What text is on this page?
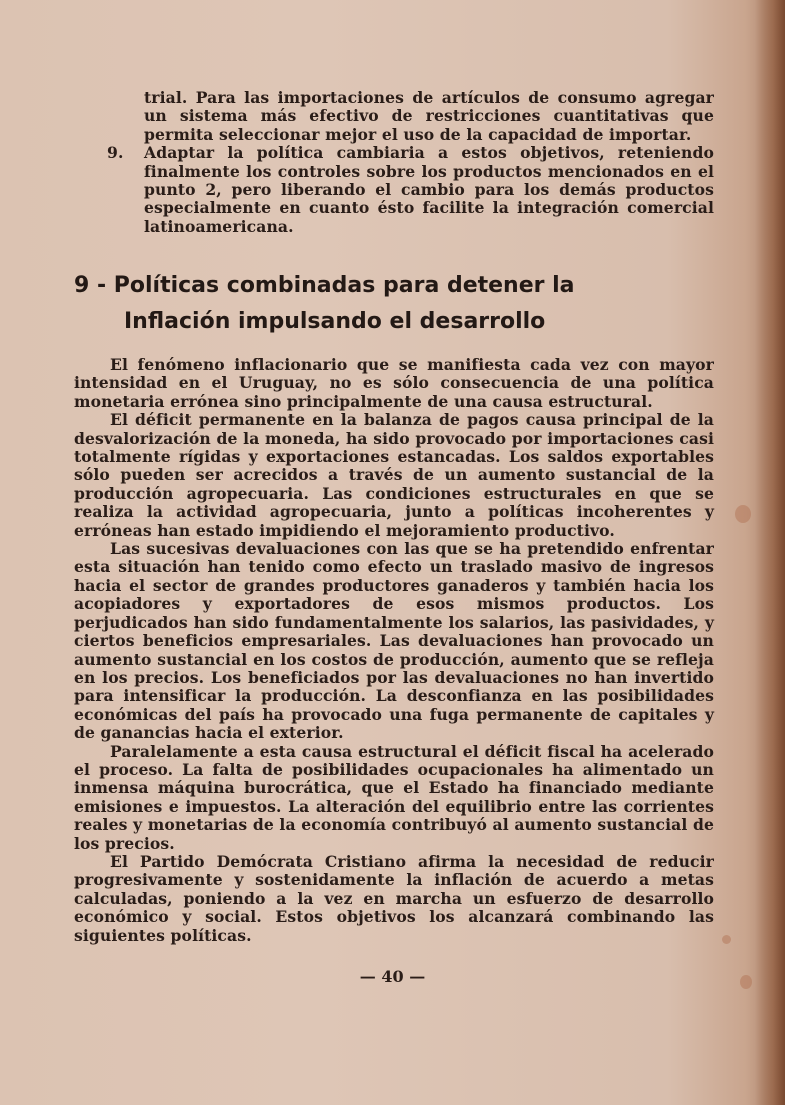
trial. Para las importaciones de artículos de consumo agregar un sistema más efectivo de restricciones cuantitativas que permita seleccionar mejor el uso de la capacidad de importar.

9. Adaptar la política cambiaria a estos objetivos, reteniendo finalmente los controles sobre los productos mencionados en el punto 2, pero liberando el cambio para los demás productos especialmente en cuanto ésto facilite la integración comercial latinoamericana.

9 - Políticas combinadas para detener la
Inflación impulsando el desarrollo

El fenómeno inflacionario que se manifiesta cada vez con mayor intensidad en el Uruguay, no es sólo consecuencia de una política monetaria errónea sino principalmente de una causa estructural.

El déficit permanente en la balanza de pagos causa principal de la desvalorización de la moneda, ha sido provocado por importaciones casi totalmente rígidas y exportaciones estancadas. Los saldos exportables sólo pueden ser acrecidos a través de un aumento sustancial de la producción agropecuaria. Las condiciones estructurales en que se realiza la actividad agropecuaria, junto a políticas incoherentes y erróneas han estado impidiendo el mejoramiento productivo.

Las sucesivas devaluaciones con las que se ha pretendido enfrentar esta situación han tenido como efecto un traslado masivo de ingresos hacia el sector de grandes productores ganaderos y también hacia los acopiadores y exportadores de esos mismos productos. Los perjudicados han sido fundamentalmente los salarios, las pasividades, y ciertos beneficios empresariales. Las devaluaciones han provocado un aumento sustancial en los costos de producción, aumento que se refleja en los precios. Los beneficiados por las devaluaciones no han invertido para intensificar la producción. La desconfianza en las posibilidades económicas del país ha provocado una fuga permanente de capitales y de ganancias hacia el exterior.

Paralelamente a esta causa estructural el déficit fiscal ha acelerado el proceso. La falta de posibilidades ocupacionales ha alimentado un inmensa máquina burocrática, que el Estado ha financiado mediante emisiones e impuestos. La alteración del equilibrio entre las corrientes reales y monetarias de la economía contribuyó al aumento sustancial de los precios.

El Partido Demócrata Cristiano afirma la necesidad de reducir progresivamente y sostenidamente la inflación de acuerdo a metas calculadas, poniendo a la vez en marcha un esfuerzo de desarrollo económico y social. Estos objetivos los alcanzará combinando las siguientes políticas.

— 40 —
